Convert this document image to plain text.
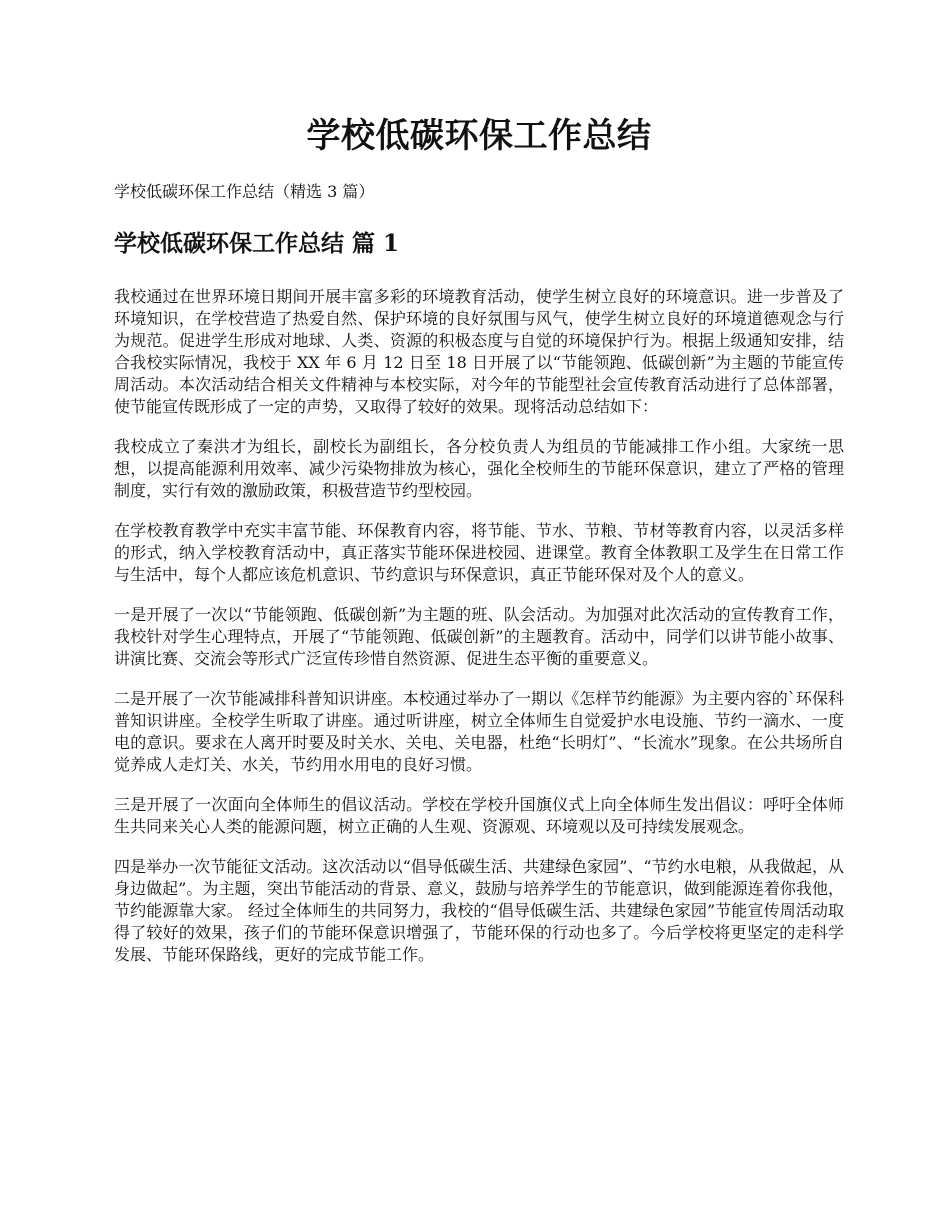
学校低碳环保工作总结

学校低碳环保工作总结（精选 3 篇）

学校低碳环保工作总结 篇 1

我校通过在世界环境日期间开展丰富多彩的环境教育活动，使学生树立良好的环境意识。进一步普及了环境知识，在学校营造了热爱自然、保护环境的良好氛围与风气，使学生树立良好的环境道德观念与行为规范。促进学生形成对地球、人类、资源的积极态度与自觉的环境保护行为。根据上级通知安排，结合我校实际情况，我校于 XX 年 6 月 12 日至 18 日开展了以“节能领跑、低碳创新”为主题的节能宣传周活动。本次活动结合相关文件精神与本校实际，对今年的节能型社会宣传教育活动进行了总体部署，使节能宣传既形成了一定的声势，又取得了较好的效果。现将活动总结如下：

我校成立了秦洪才为组长，副校长为副组长，各分校负责人为组员的节能减排工作小组。大家统一思想，以提高能源利用效率、减少污染物排放为核心，强化全校师生的节能环保意识，建立了严格的管理制度，实行有效的激励政策，积极营造节约型校园。

在学校教育教学中充实丰富节能、环保教育内容，将节能、节水、节粮、节材等教育内容，以灵活多样的形式，纳入学校教育活动中，真正落实节能环保进校园、进课堂。教育全体教职工及学生在日常工作与生活中，每个人都应该危机意识、节约意识与环保意识，真正节能环保对及个人的意义。

一是开展了一次以“节能领跑、低碳创新”为主题的班、队会活动。为加强对此次活动的宣传教育工作，我校针对学生心理特点，开展了“节能领跑、低碳创新”的主题教育。活动中，同学们以讲节能小故事、讲演比赛、交流会等形式广泛宣传珍惜自然资源、促进生态平衡的重要意义。

二是开展了一次节能减排科普知识讲座。本校通过举办了一期以《怎样节约能源》为主要内容的`环保科普知识讲座。全校学生听取了讲座。通过听讲座，树立全体师生自觉爱护水电设施、节约一滴水、一度电的意识。要求在人离开时要及时关水、关电、关电器，杜绝“长明灯”、“长流水”现象。在公共场所自觉养成人走灯关、水关，节约用水用电的良好习惯。

三是开展了一次面向全体师生的倡议活动。学校在学校升国旗仪式上向全体师生发出倡议：呼吁全体师生共同来关心人类的能源问题，树立正确的人生观、资源观、环境观以及可持续发展观念。

四是举办一次节能征文活动。这次活动以“倡导低碳生活、共建绿色家园”、“节约水电粮，从我做起，从身边做起”。为主题，突出节能活动的背景、意义，鼓励与培养学生的节能意识，做到能源连着你我他，节约能源靠大家。 经过全体师生的共同努力，我校的“倡导低碳生活、共建绿色家园”节能宣传周活动取得了较好的效果，孩子们的节能环保意识增强了，节能环保的行动也多了。今后学校将更坚定的走科学发展、节能环保路线，更好的完成节能工作。
